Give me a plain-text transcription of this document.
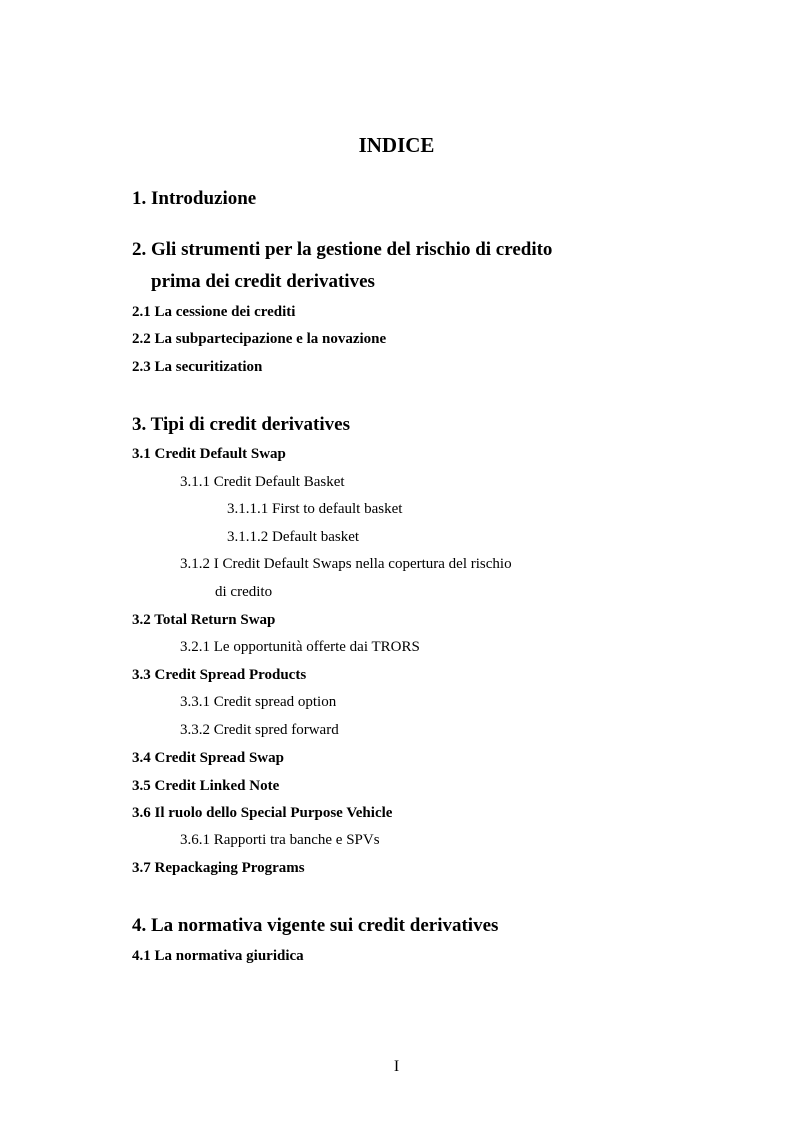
INDICE
1. Introduzione
2. Gli strumenti per la gestione del rischio di credito
prima dei credit derivatives
2.1 La cessione dei crediti
2.2 La subpartecipazione e la novazione
2.3 La securitization
3. Tipi di credit derivatives
3.1 Credit Default Swap
3.1.1 Credit Default Basket
3.1.1.1 First to default basket
3.1.1.2 Default basket
3.1.2 I Credit Default Swaps nella copertura del rischio
di credito
3.2 Total Return Swap
3.2.1 Le opportunità offerte dai TRORS
3.3 Credit Spread Products
3.3.1 Credit spread option
3.3.2 Credit spred forward
3.4 Credit Spread Swap
3.5 Credit Linked Note
3.6 Il ruolo dello Special Purpose Vehicle
3.6.1 Rapporti tra banche e SPVs
3.7 Repackaging Programs
4. La normativa vigente sui credit derivatives
4.1 La normativa giuridica
I
